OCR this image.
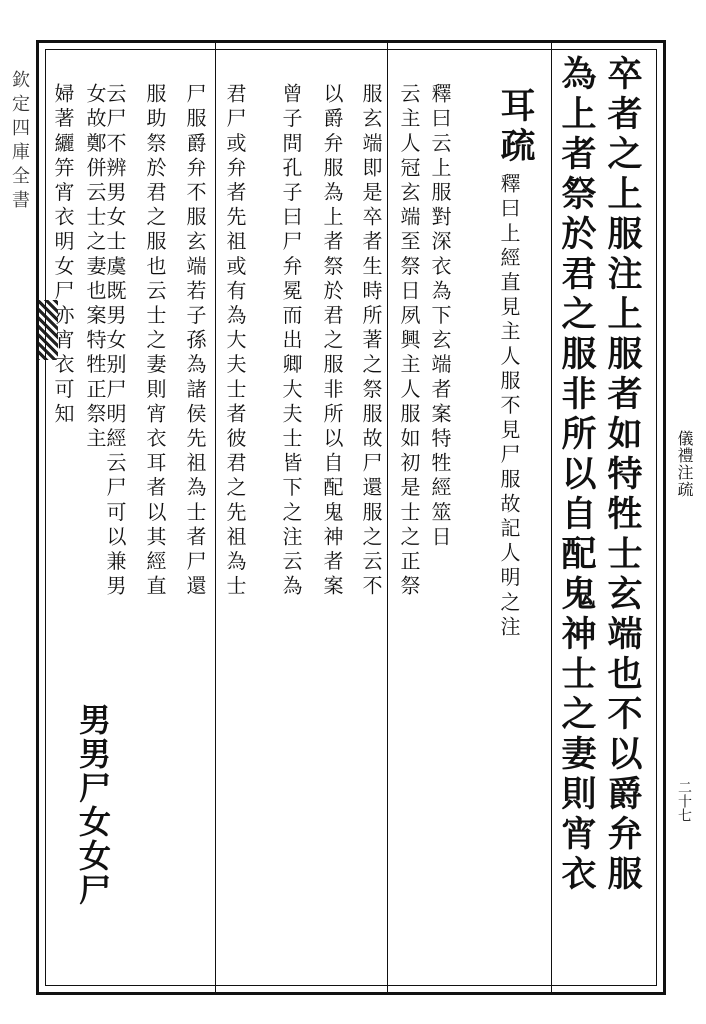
欽定四庫全書	卒者之上服注上服者如特牲士玄端也不以爵弁服
為上者祭於君之服非所以自配鬼神士之妻則宵衣
耳疏
釋曰上經直見主人服不見尸服故記人明之注
釋曰云上服對深衣為下玄端者案特牲經筮日
云主人冠玄端至祭日夙興主人服如初是士之正祭
服玄端即是卒者生時所著之祭服故尸還服之云不
以爵弁服為上者祭於君之服非所以自配鬼神者案
曾子問孔子曰尸弁冕而出卿大夫士皆下之注云為
君尸或弁者先祖或有為大夫士者彼君之先祖為士
尸服爵弁不服玄端若子孫為諸侯先祖為士者尸還
服助祭於君之服也云士之妻則宵衣耳者以其經直
云尸不辨男女士虞既男女别尸明經云尸可以兼男
女故鄭併云士之妻也案特牲正祭主
婦著纚笄宵衣明女尸亦宵衣可知
男男尸女女尸
儀禮注疏
二十七
